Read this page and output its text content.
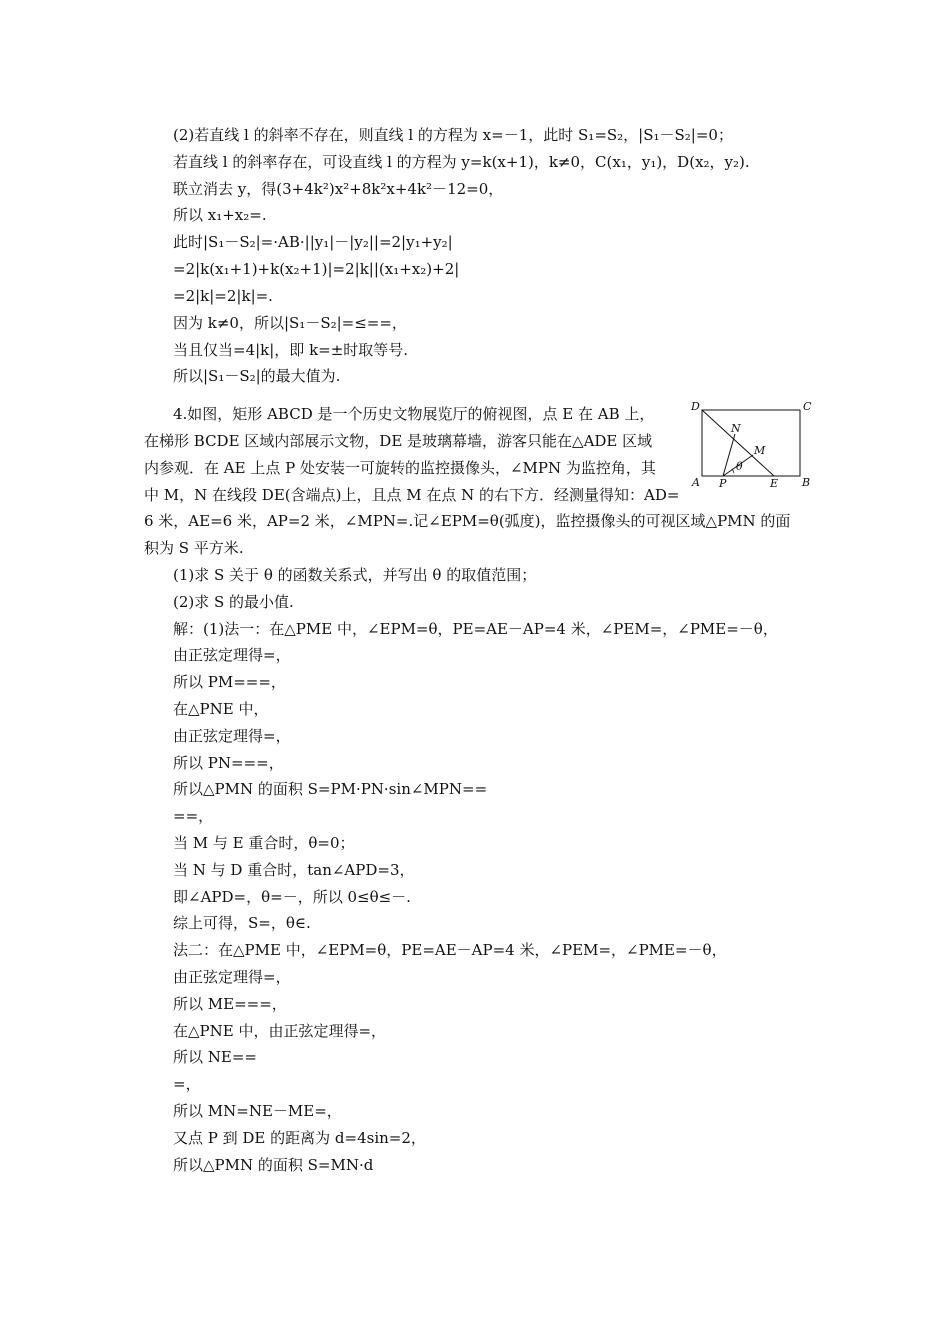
(2)若直线 l 的斜率不存在，则直线 l 的方程为 x=－1，此时 S₁=S₂，|S₁－S₂|=0；
若直线 l 的斜率存在，可设直线 l 的方程为 y=k(x+1)，k≠0，C(x₁，y₁)，D(x₂，y₂).
联立消去 y，得(3+4k²)x²+8k²x+4k²－12=0，
所以 x₁+x₂=.
此时|S₁－S₂|=·AB·||y₁|－|y₂||=2|y₁+y₂|
=2|k(x₁+1)+k(x₂+1)|=2|k||(x₁+x₂)+2|
=2|k|=2|k|=.
因为 k≠0，所以|S₁－S₂|=≤==，
当且仅当=4|k|，即 k=±时取等号.
所以|S₁－S₂|的最大值为.
4.如图，矩形 ABCD 是一个历史文物展览厅的俯视图，点 E 在 AB 上，
在梯形 BCDE 区域内部展示文物，DE 是玻璃幕墙，游客只能在△ADE 区域
内参观．在 AE 上点 P 处安装一可旋转的监控摄像头，∠MPN 为监控角，其
中 M，N 在线段 DE(含端点)上，且点 M 在点 N 的右下方．经测量得知：AD=
6 米，AE=6 米，AP=2 米，∠MPN=.记∠EPM=θ(弧度)，监控摄像头的可视区域△PMN 的面
积为 S 平方米.
(1)求 S 关于 θ 的函数关系式，并写出 θ 的取值范围；
(2)求 S 的最小值.
解：(1)法一：在△PME 中，∠EPM=θ，PE=AE－AP=4 米，∠PEM=，∠PME=－θ，
由正弦定理得=，
所以 PM===，
在△PNE 中，
由正弦定理得=，
所以 PN===，
所以△PMN 的面积 S=PM·PN·sin∠MPN==
==，
当 M 与 E 重合时，θ=0；
当 N 与 D 重合时，tan∠APD=3，
即∠APD=，θ=－，所以 0≤θ≤－.
综上可得，S=，θ∈.
法二：在△PME 中，∠EPM=θ，PE=AE－AP=4 米，∠PEM=，∠PME=－θ，
由正弦定理得=，
所以 ME===，
在△PNE 中，由正弦定理得=，
所以 NE==
=，
所以 MN=NE－ME=，
又点 P 到 DE 的距离为 d=4sin=2，
所以△PMN 的面积 S=MN·d
D	C
N
M
θ
A P	E B
